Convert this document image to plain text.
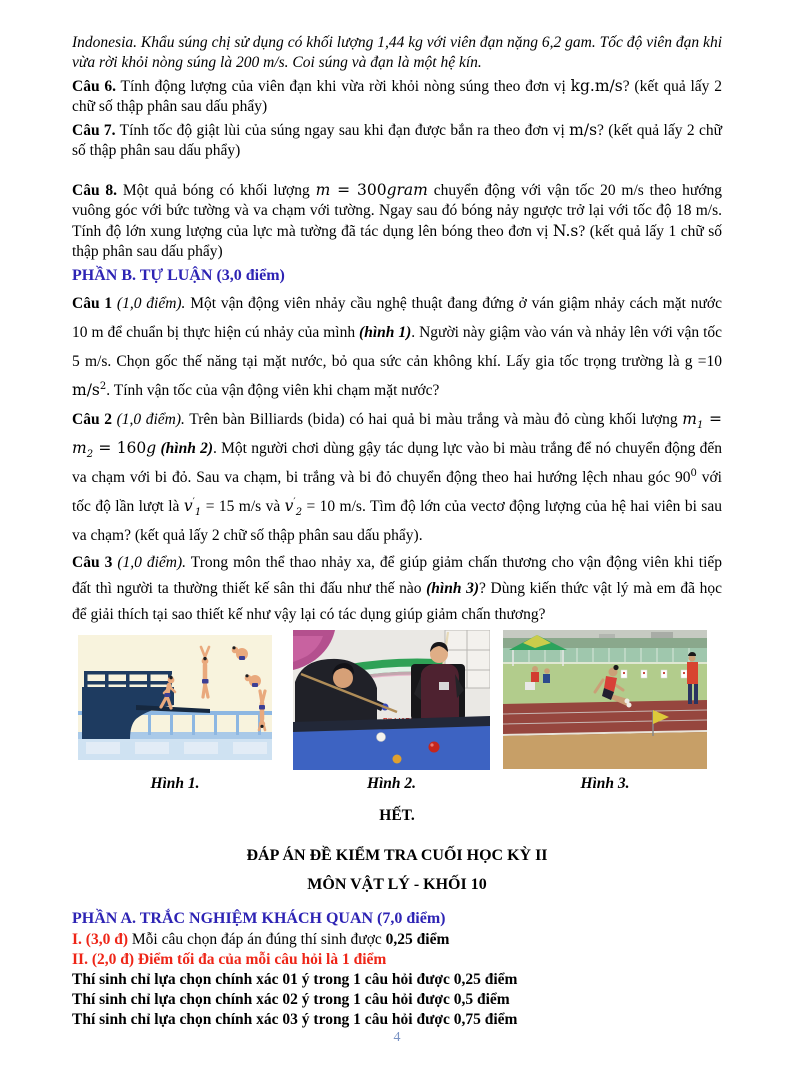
Indonesia. Khẩu súng chị sử dụng có khối lượng 1,44 kg với viên đạn nặng 6,2 gam. Tốc độ viên đạn khi vừa rời khỏi nòng súng là 200 m/s. Coi súng và đạn là một hệ kín.

Câu 6. Tính động lượng của viên đạn khi vừa rời khỏi nòng súng theo đơn vị kg.m/s? (kết quả lấy 2 chữ số thập phân sau dấu phẩy)

Câu 7. Tính tốc độ giật lùi của súng ngay sau khi đạn được bắn ra theo đơn vị m/s? (kết quả lấy 2 chữ số thập phân sau dấu phẩy)

Câu 8. Một quả bóng có khối lượng m = 300gram chuyển động với vận tốc 20 m/s theo hướng vuông góc với bức tường và va chạm với tường. Ngay sau đó bóng nảy ngược trở lại với tốc độ 18 m/s. Tính độ lớn xung lượng của lực mà tường đã tác dụng lên bóng theo đơn vị N.s? (kết quả lấy 1 chữ số thập phân sau dấu phẩy)

PHẦN B. TỰ LUẬN (3,0 điểm)

Câu 1 (1,0 điểm). Một vận động viên nhảy cầu nghệ thuật đang đứng ở ván giậm nhảy cách mặt nước 10 m để chuẩn bị thực hiện cú nhảy của mình (hình 1). Người này giậm vào ván và nhảy lên với vận tốc 5 m/s. Chọn gốc thế năng tại mặt nước, bỏ qua sức cản không khí. Lấy gia tốc trọng trường là g =10 $m/s^2$. Tính vận tốc của vận động viên khi chạm mặt nước?

Câu 2 (1,0 điểm). Trên bàn Billiards (bida) có hai quả bi màu trắng và màu đỏ cùng khối lượng $m_1 = m_2 = 160g$ (hình 2). Một người chơi dùng gậy tác dụng lực vào bi màu trắng để nó chuyển động đến va chạm với bi đỏ. Sau va chạm, bi trắng và bi đỏ chuyển động theo hai hướng lệch nhau góc $90^0$ với tốc độ lần lượt là $v'_1 = 15$ m/s và $v'_2 = 10$ m/s. Tìm độ lớn của vectơ động lượng của hệ hai viên bi sau va chạm? (kết quả lấy 2 chữ số thập phân sau dấu phẩy).

Câu 3 (1,0 điểm). Trong môn thể thao nhảy xa, để giúp giảm chấn thương cho vận động viên khi tiếp đất thì người ta thường thiết kế sân thi đấu như thế nào (hình 3)? Dùng kiến thức vật lý mà em đã học để giải thích tại sao thiết kế như vậy lại có tác dụng giúp giảm chấn thương?

Hình 1.	Hình 2.	Hình 3.

HẾT.

ĐÁP ÁN ĐỀ KIỂM TRA CUỐI HỌC KỲ II

MÔN VẬT LÝ - KHỐI 10

PHẦN A. TRẮC NGHIỆM KHÁCH QUAN (7,0 điểm)

I. (3,0 đ) Mỗi câu chọn đáp án đúng thí sinh được 0,25 điểm

II. (2,0 đ) Điểm tối đa của mỗi câu hỏi là 1 điểm

Thí sinh chỉ lựa chọn chính xác 01 ý trong 1 câu hỏi được 0,25 điểm

Thí sinh chỉ lựa chọn chính xác 02 ý trong 1 câu hỏi được 0,5 điểm

Thí sinh chỉ lựa chọn chính xác 03 ý trong 1 câu hỏi được 0,75 điểm

4
